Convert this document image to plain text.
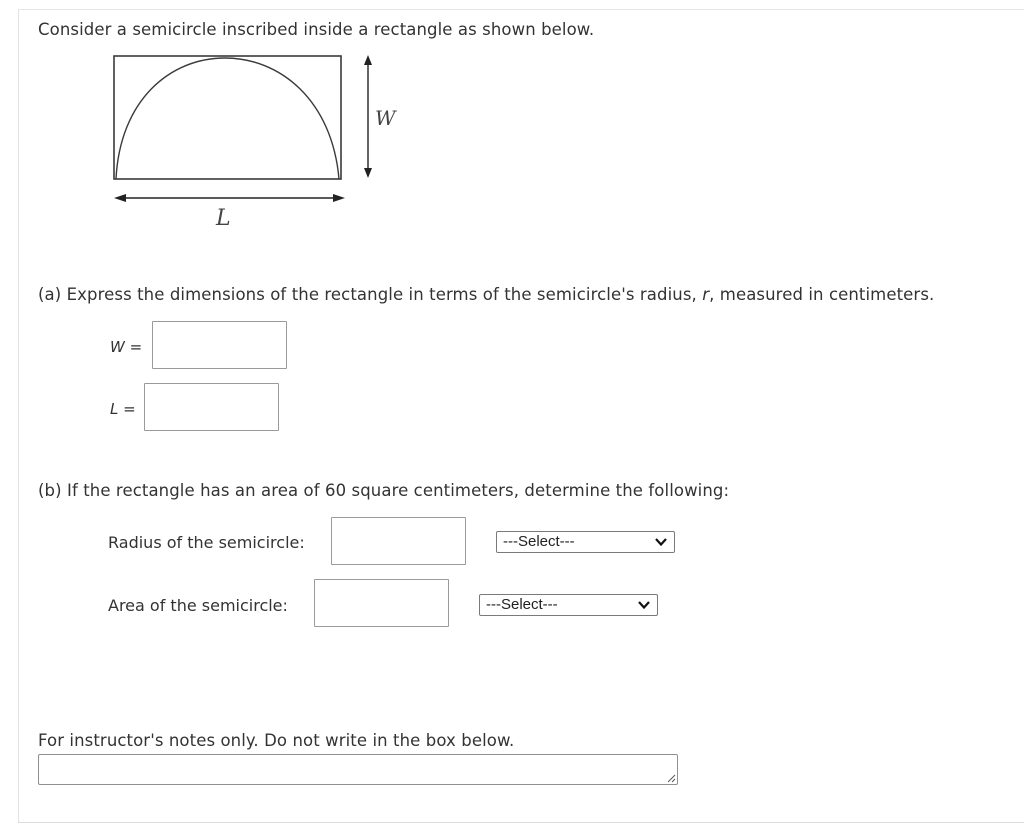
Consider a semicircle inscribed inside a rectangle as shown below.
W
L
(a) Express the dimensions of the rectangle in terms of the semicircle's radius, r, measured in centimeters.
W =
L =
(b) If the rectangle has an area of 60 square centimeters, determine the following:
Radius of the semicircle:	---Select---
Area of the semicircle:	---Select---
For instructor's notes only. Do not write in the box below.
